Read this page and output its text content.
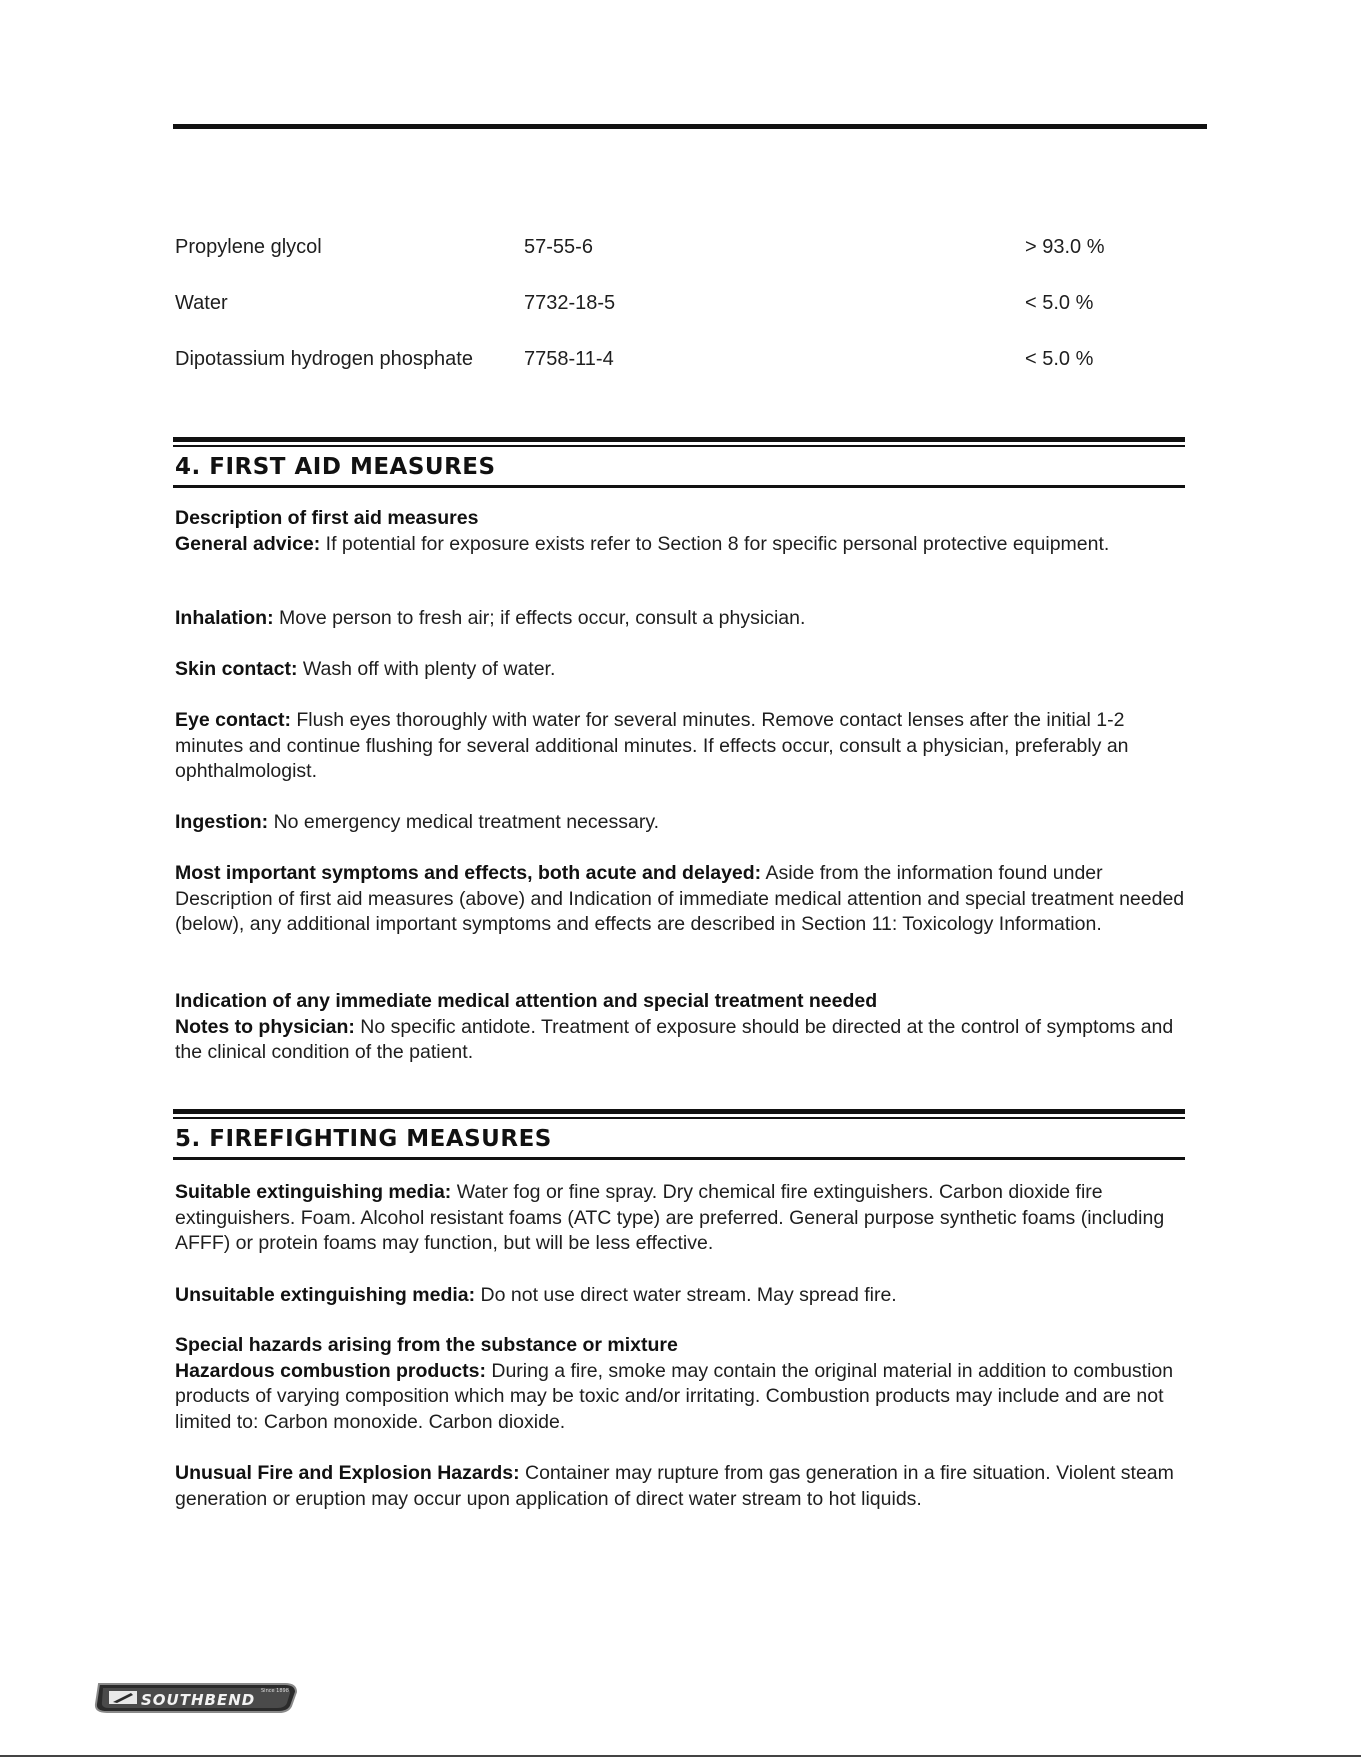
Propylene glycol	57-55-6	> 93.0 %
Water	7732-18-5	< 5.0 %
Dipotassium hydrogen phosphate	7758-11-4	< 5.0 %
4. FIRST AID MEASURES
Description of first aid measures
General advice: If potential for exposure exists refer to Section 8 for specific personal protective equipment.
Inhalation: Move person to fresh air; if effects occur, consult a physician.
Skin contact: Wash off with plenty of water.
Eye contact: Flush eyes thoroughly with water for several minutes. Remove contact lenses after the initial 1-2 minutes and continue flushing for several additional minutes. If effects occur, consult a physician, preferably an ophthalmologist.
Ingestion: No emergency medical treatment necessary.
Most important symptoms and effects, both acute and delayed: Aside from the information found under Description of first aid measures (above) and Indication of immediate medical attention and special treatment needed (below), any additional important symptoms and effects are described in Section 11: Toxicology Information.
Indication of any immediate medical attention and special treatment needed
Notes to physician: No specific antidote. Treatment of exposure should be directed at the control of symptoms and the clinical condition of the patient.
5. FIREFIGHTING MEASURES
Suitable extinguishing media: Water fog or fine spray. Dry chemical fire extinguishers. Carbon dioxide fire extinguishers. Foam. Alcohol resistant foams (ATC type) are preferred. General purpose synthetic foams (including AFFF) or protein foams may function, but will be less effective.
Unsuitable extinguishing media: Do not use direct water stream. May spread fire.
Special hazards arising from the substance or mixture
Hazardous combustion products: During a fire, smoke may contain the original material in addition to combustion products of varying composition which may be toxic and/or irritating. Combustion products may include and are not limited to: Carbon monoxide. Carbon dioxide.
Unusual Fire and Explosion Hazards: Container may rupture from gas generation in a fire situation. Violent steam generation or eruption may occur upon application of direct water stream to hot liquids.
SOUTHBEND Since 1898
